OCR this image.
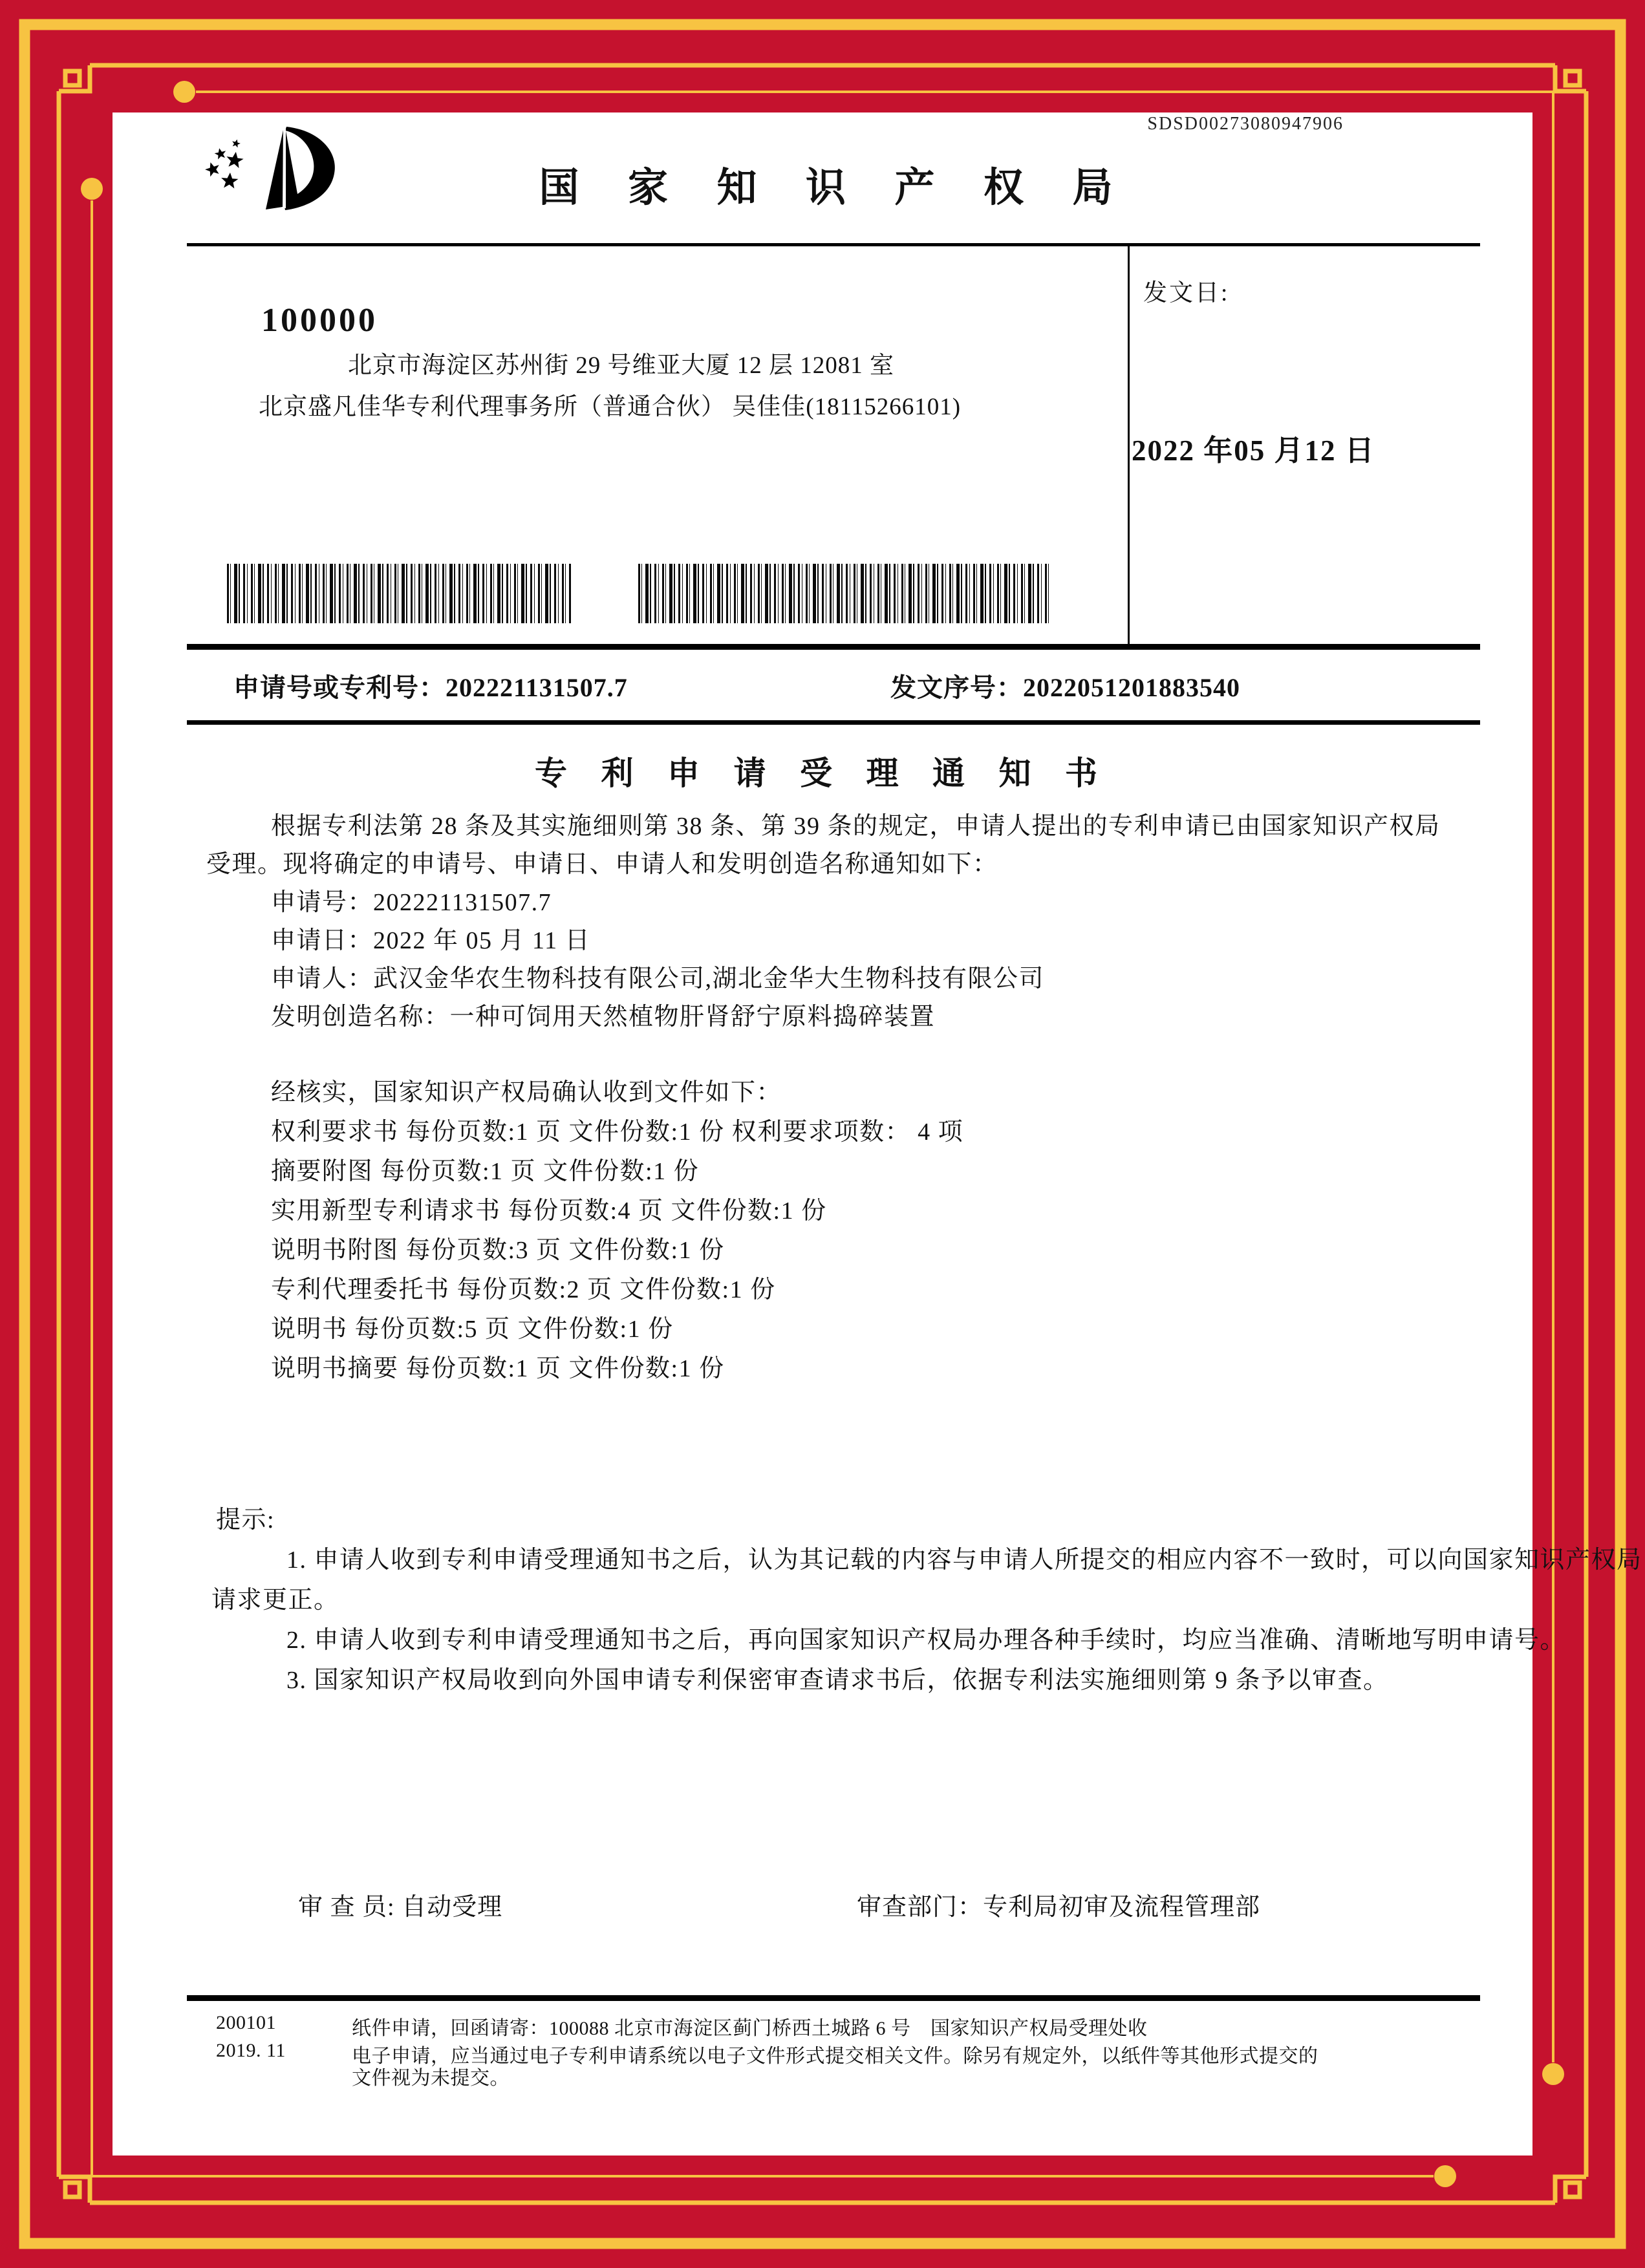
SDSD00273080947906
国 家 知 识 产 权 局
100000
北京市海淀区苏州街 29 号维亚大厦 12 层 12081 室
北京盛凡佳华专利代理事务所（普通合伙） 吴佳佳(18115266101)
发文日:
2022 年05 月12 日
申请号或专利号：202221131507.7	发文序号：2022051201883540
专 利 申 请 受 理 通 知 书

根据专利法第 28 条及其实施细则第 38 条、第 39 条的规定，申请人提出的专利申请已由国家知识产权局

受理。现将确定的申请号、申请日、申请人和发明创造名称通知如下：

申请号：202221131507.7

申请日：2022 年 05 月 11 日

申请人：武汉金华农生物科技有限公司,湖北金华大生物科技有限公司

发明创造名称：一种可饲用天然植物肝肾舒宁原料捣碎装置

经核实，国家知识产权局确认收到文件如下：

权利要求书 每份页数:1 页 文件份数:1 份 权利要求项数： 4 项

摘要附图 每份页数:1 页 文件份数:1 份

实用新型专利请求书 每份页数:4 页 文件份数:1 份

说明书附图 每份页数:3 页 文件份数:1 份

专利代理委托书 每份页数:2 页 文件份数:1 份

说明书 每份页数:5 页 文件份数:1 份

说明书摘要 每份页数:1 页 文件份数:1 份

提示:

1. 申请人收到专利申请受理通知书之后，认为其记载的内容与申请人所提交的相应内容不一致时，可以向国家知识产权局

请求更正。

2. 申请人收到专利申请受理通知书之后，再向国家知识产权局办理各种手续时，均应当准确、清晰地写明申请号。

3. 国家知识产权局收到向外国申请专利保密审查请求书后，依据专利法实施细则第 9 条予以审查。

审 查 员: 自动受理	审查部门：专利局初审及流程管理部
200101	纸件申请，回函请寄：100088 北京市海淀区蓟门桥西土城路 6 号　国家知识产权局受理处收
2019. 11	电子申请，应当通过电子专利申请系统以电子文件形式提交相关文件。除另有规定外，以纸件等其他形式提交的
文件视为未提交。
